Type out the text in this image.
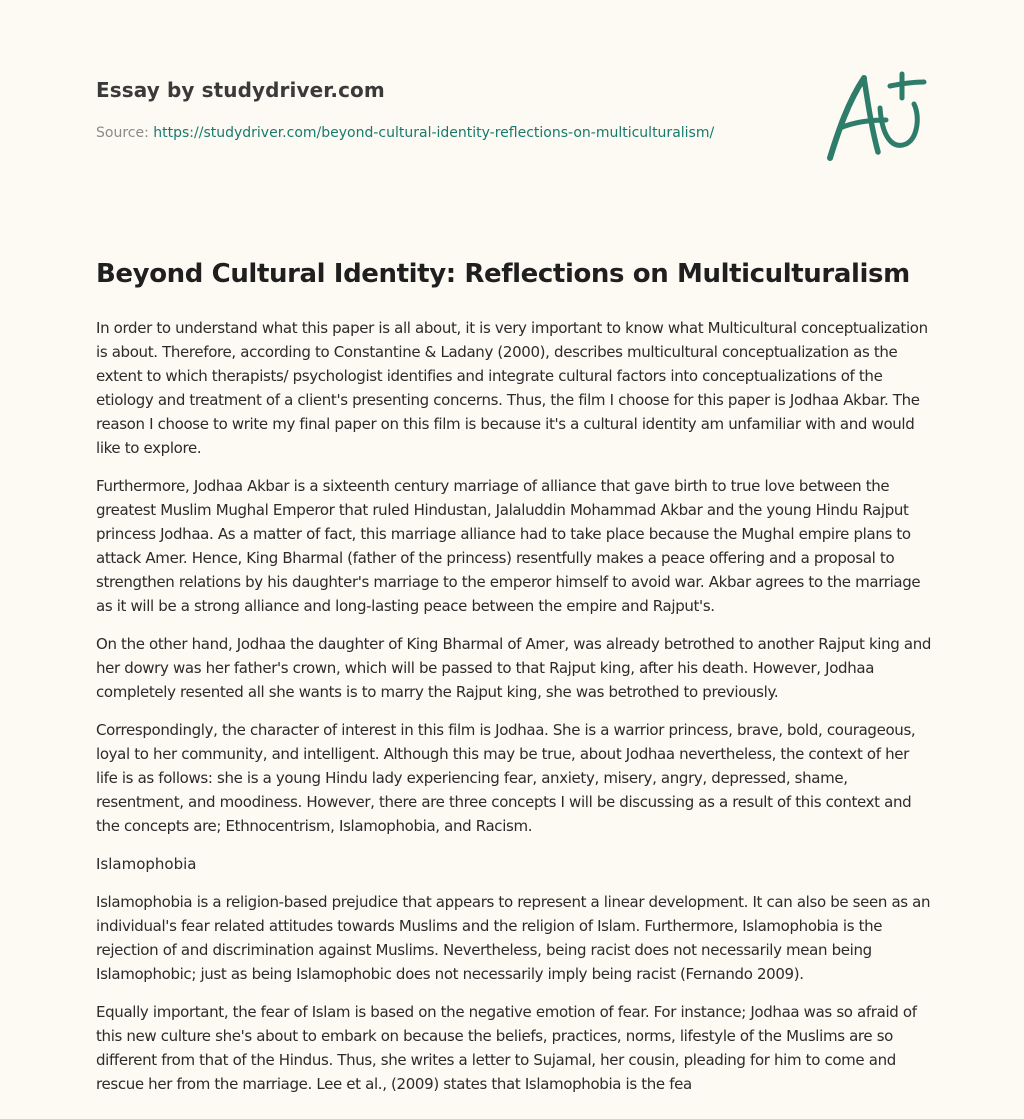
Essay by studydriver.com
Source: https://studydriver.com/beyond-cultural-identity-reflections-on-multiculturalism/
Beyond Cultural Identity: Reflections on Multiculturalism

In order to understand what this paper is all about, it is very important to know what Multicultural conceptualization is about. Therefore, according to Constantine & Ladany (2000), describes multicultural conceptualization as the extent to which therapists/ psychologist identifies and integrate cultural factors into conceptualizations of the etiology and treatment of a client's presenting concerns. Thus, the film I choose for this paper is Jodhaa Akbar. The reason I choose to write my final paper on this film is because it's a cultural identity am unfamiliar with and would like to explore.

Furthermore, Jodhaa Akbar is a sixteenth century marriage of alliance that gave birth to true love between the greatest Muslim Mughal Emperor that ruled Hindustan, Jalaluddin Mohammad Akbar and the young Hindu Rajput princess Jodhaa. As a matter of fact, this marriage alliance had to take place because the Mughal empire plans to attack Amer. Hence, King Bharmal (father of the princess) resentfully makes a peace offering and a proposal to strengthen relations by his daughter's marriage to the emperor himself to avoid war. Akbar agrees to the marriage as it will be a strong alliance and long-lasting peace between the empire and Rajput's.

On the other hand, Jodhaa the daughter of King Bharmal of Amer, was already betrothed to another Rajput king and her dowry was her father's crown, which will be passed to that Rajput king, after his death. However, Jodhaa completely resented all she wants is to marry the Rajput king, she was betrothed to previously.

Correspondingly, the character of interest in this film is Jodhaa. She is a warrior princess, brave, bold, courageous, loyal to her community, and intelligent. Although this may be true, about Jodhaa nevertheless, the context of her life is as follows: she is a young Hindu lady experiencing fear, anxiety, misery, angry, depressed, shame, resentment, and moodiness. However, there are three concepts I will be discussing as a result of this context and the concepts are; Ethnocentrism, Islamophobia, and Racism.

Islamophobia

Islamophobia is a religion-based prejudice that appears to represent a linear development. It can also be seen as an individual's fear related attitudes towards Muslims and the religion of Islam. Furthermore, Islamophobia is the rejection of and discrimination against Muslims. Nevertheless, being racist does not necessarily mean being Islamophobic; just as being Islamophobic does not necessarily imply being racist (Fernando 2009).

Equally important, the fear of Islam is based on the negative emotion of fear. For instance; Jodhaa was so afraid of this new culture she's about to embark on because the beliefs, practices, norms, lifestyle of the Muslims are so different from that of the Hindus. Thus, she writes a letter to Sujamal, her cousin, pleading for him to come and rescue her from the marriage. Lee et al., (2009) states that Islamophobia is the fea
